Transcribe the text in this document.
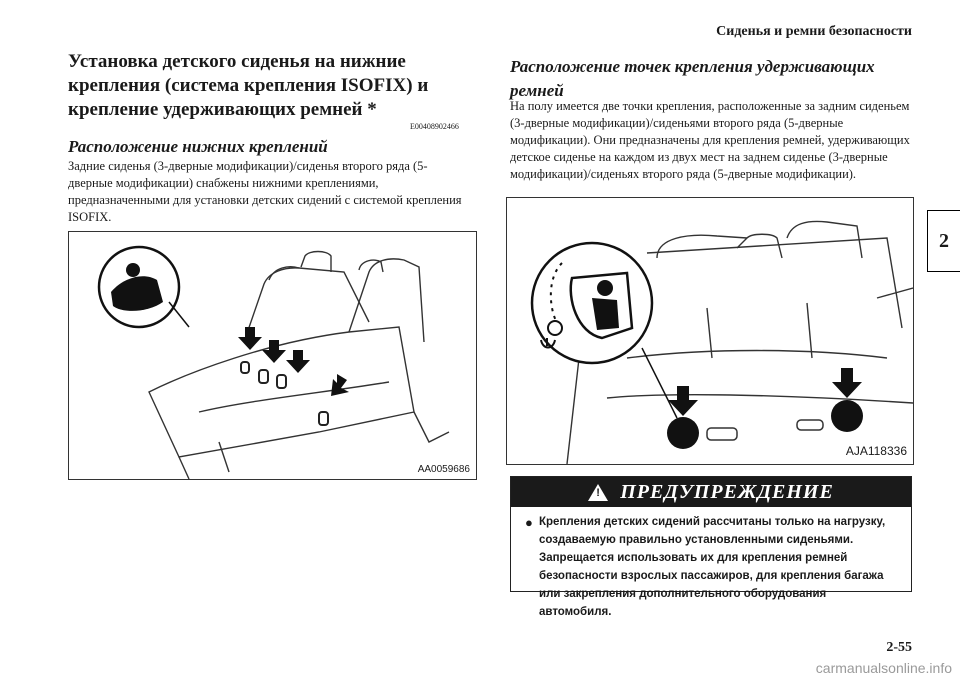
Сиденья и ремни безопасности
2
Установка детского сиденья на нижние крепления (система крепления ISOFIX) и крепление удерживающих ремней *
E00408902466
Расположение нижних креплений
Задние сиденья (3-дверные модификации)/сиденья второго ряда (5-дверные модификации) снабжены нижними креплениями, предназначенными для установки детских сидений с системой крепления ISOFIX.
AA0059686
Расположение точек крепления удерживающих ремней
На полу имеется две точки крепления, расположенные за задним сиденьем (3-дверные модификации)/сиденьями второго ряда (5-дверные модификации). Они предназначены для крепления ремней, удерживающих детское сиденье на каждом из двух мест на заднем сиденье (3-дверные модификации)/сиденьях второго ряда (5-дверные модификации).
AJA118336
!
ПРЕДУПРЕЖДЕНИЕ
● Крепления детских сидений рассчитаны только на нагрузку, создаваемую правильно установленными сиденьями. Запрещается использовать их для крепления ремней безопасности взрослых пассажиров, для крепления багажа или закрепления дополнительного оборудования автомобиля.
2-55
carmanualsonline.info
